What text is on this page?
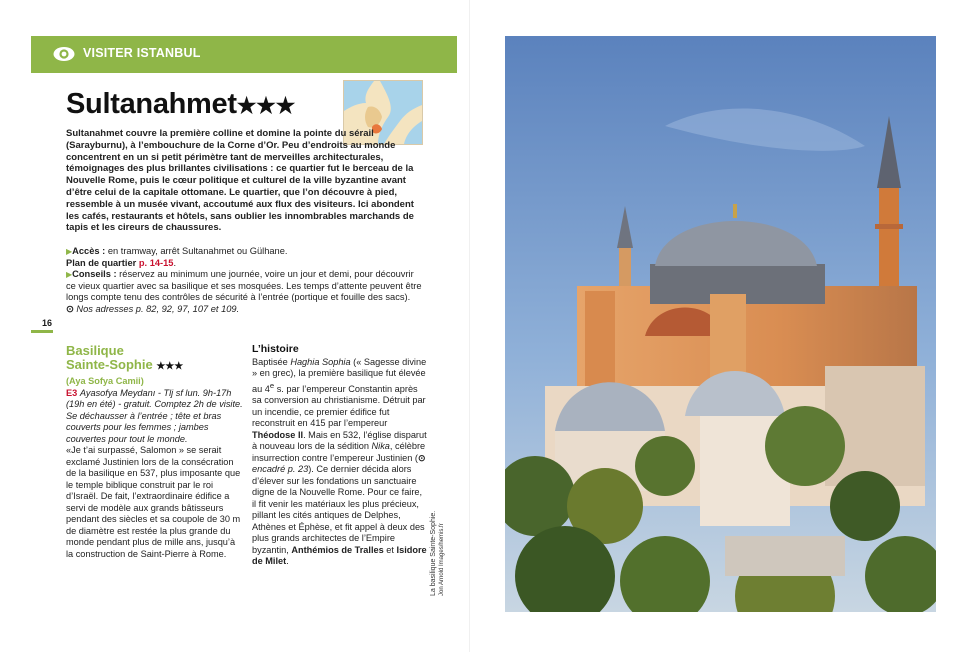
VISITER ISTANBUL
Sultanahmet★★★
Sultanahmet couvre la première colline et domine la pointe du sérail (Sarayburnu), à l’embouchure de la Corne d’Or. Peu d’endroits au monde concentrent en un si petit périmètre tant de merveilles architecturales, témoignages des plus brillantes civilisations : ce quartier fut le berceau de la Nouvelle Rome, puis le cœur politique et culturel de la ville byzantine avant d’être celui de la capitale ottomane. Le quartier, que l’on découvre à pied, ressemble à un musée vivant, accoutumé aux flux des visiteurs. Ici abondent les cafés, restaurants et hôtels, sans oublier les innombrables marchands de tapis et les cireurs de chaussures.

▶Accès : en tramway, arrêt Sultanahmet ou Gülhane.

Plan de quartier p. 14-15.

▶Conseils : réservez au minimum une journée, voire un jour et demi, pour découvrir ce vieux quartier avec sa basilique et ses mosquées. Les temps d’attente peuvent être longs compte tenu des contrôles de sécurité à l’entrée (portique et fouille des sacs).

⊙ Nos adresses p. 82, 92, 97, 107 et 109.

16
Basilique
Sainte-Sophie ★★★

(Aya Sofya Camii)

E3 Ayasofya Meydanı - Tlj sf lun. 9h-17h (19h en été) - gratuit. Comptez 2h de visite. Se déchausser à l’entrée ; tête et bras couverts pour les femmes ; jambes couvertes pour tout le monde.

«Je t’ai surpassé, Salomon » se serait exclamé Justinien lors de la consécration de la basilique en 537, plus imposante que le temple biblique construit par le roi d’Israël. De fait, l’extraordinaire édifice a servi de modèle aux grands bâtisseurs pendant des siècles et sa coupole de 30 m de diamètre est restée la plus grande du monde pendant plus de mille ans, jusqu’à la construction de Saint-Pierre à Rome.

L’histoire

Baptisée Haghia Sophia (« Sagesse divine » en grec), la première basilique fut élevée au 4e s. par l’empereur Constantin après sa conversion au christianisme. Détruit par un incendie, ce premier édifice fut reconstruit en 415 par l’empereur Théodose II. Mais en 532, l’église disparut à nouveau lors de la sédition Nika, célèbre insurrection contre l’empereur Justinien (⊙ encadré p. 23). Ce dernier décida alors d’élever sur les fondations un sanctuaire digne de la Nouvelle Rome. Pour ce faire, il fit venir les matériaux les plus précieux, pillant les cités antiques de Delphes, Athènes et Éphèse, et fit appel à deux des plus grands architectes de l’Empire byzantin, Anthémios de Tralles et Isidore de Milet.	La basilique Sainte-Sophie. Jon Arnold Images/hemis.fr
